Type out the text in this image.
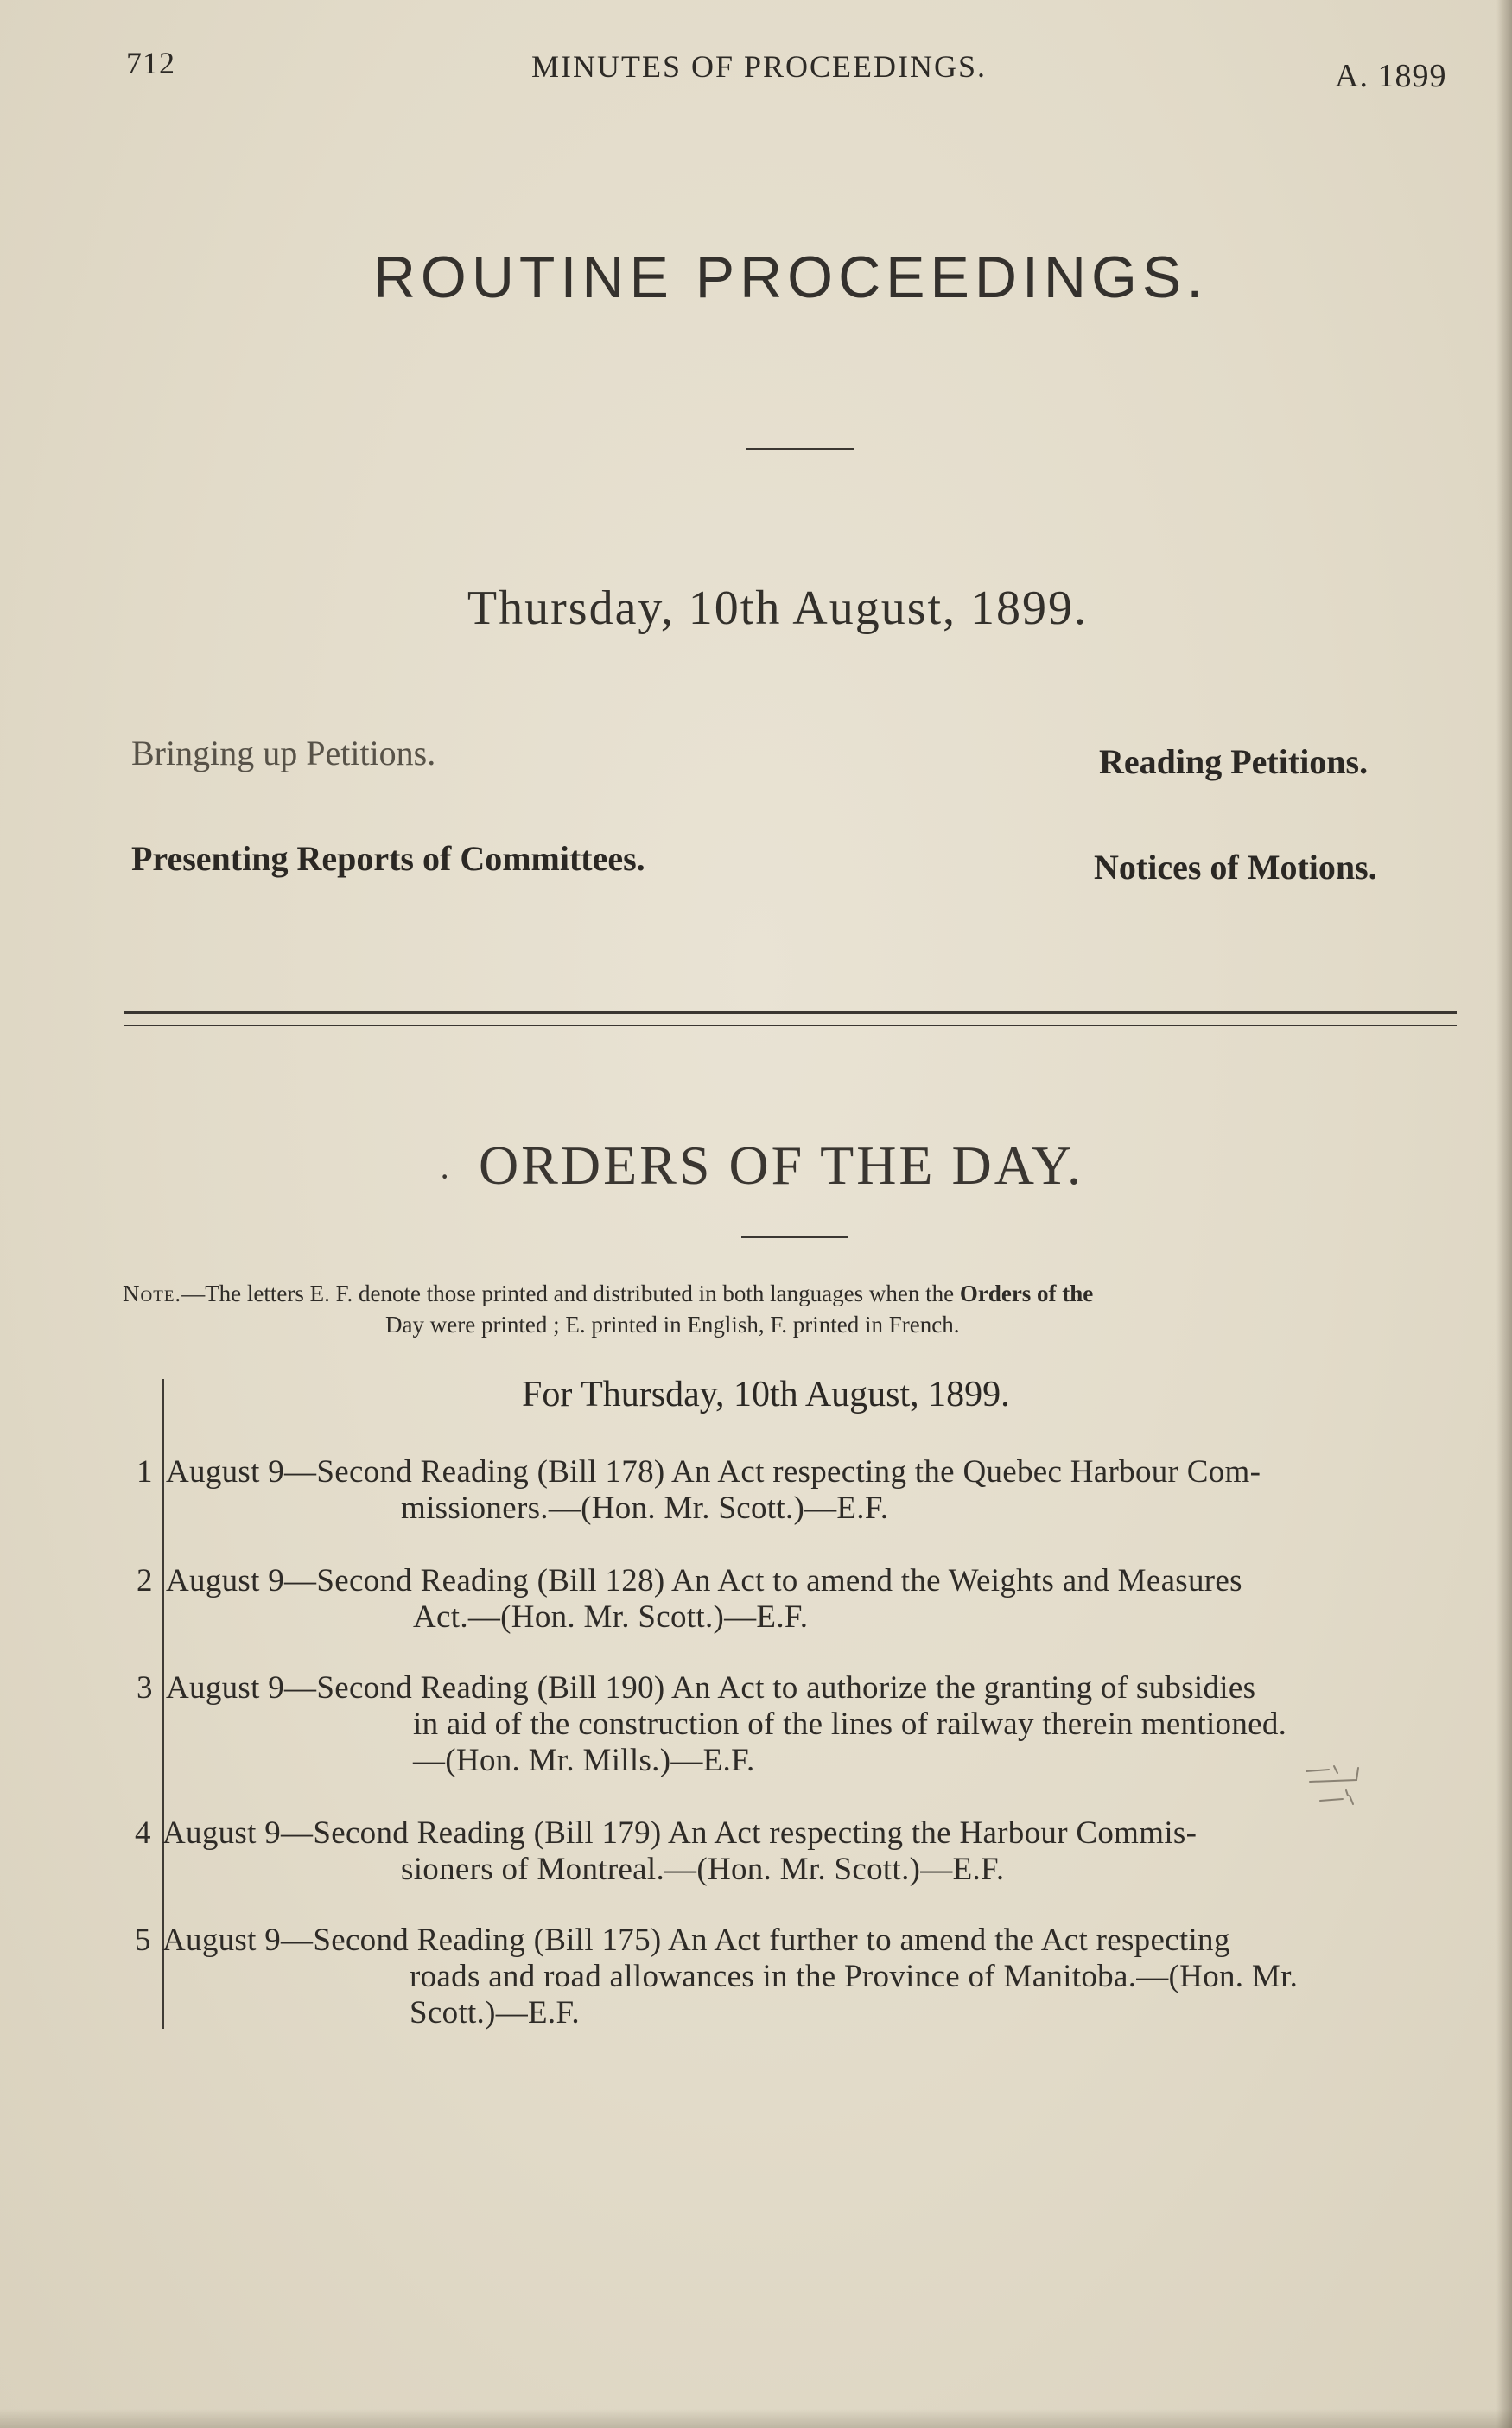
712	MINUTES OF PROCEEDINGS.	A. 1899
ROUTINE PROCEEDINGS.
Thursday, 10th August, 1899.
Bringing up Petitions.	Reading Petitions.
Presenting Reports of Committees.	Notices of Motions.
· ORDERS OF THE DAY.
Note.—The letters E. F. denote those printed and distributed in both languages when the Orders of the
Day were printed ; E. printed in English, F. printed in French.
For Thursday, 10th August, 1899.
1 August 9—Second Reading (Bill 178) An Act respecting the Quebec Harbour Com-
missioners.—(Hon. Mr. Scott.)—E.F.
2 August 9—Second Reading (Bill 128) An Act to amend the Weights and Measures
Act.—(Hon. Mr. Scott.)—E.F.
3 August 9—Second Reading (Bill 190) An Act to authorize the granting of subsidies
in aid of the construction of the lines of railway therein mentioned.
—(Hon. Mr. Mills.)—E.F.
4 August 9—Second Reading (Bill 179) An Act respecting the Harbour Commis-
sioners of Montreal.—(Hon. Mr. Scott.)—E.F.
5 August 9—Second Reading (Bill 175) An Act further to amend the Act respecting
roads and road allowances in the Province of Manitoba.—(Hon. Mr.
Scott.)—E.F.
